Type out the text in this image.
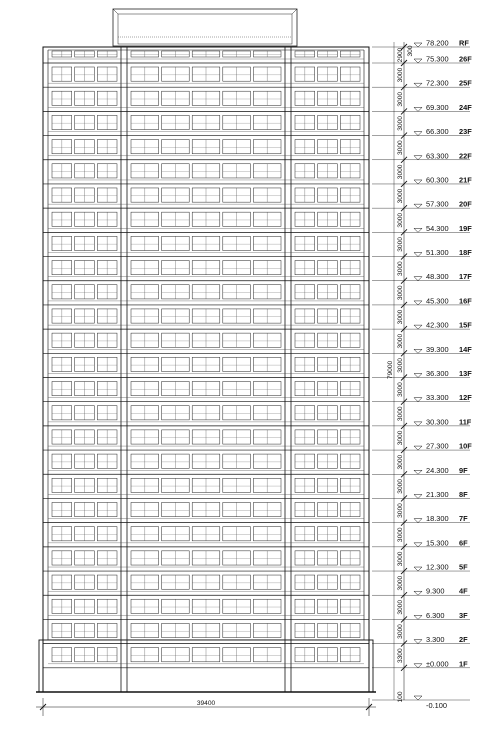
78.200 RF
75.300 26F
72.300 25F
69.300 24F
66.300 23F
63.300 22F
60.300 21F
57.300 20F
54.300 19F
51.300 18F
48.300 17F
45.300 16F
42.300 15F
39.300 14F
36.300 13F
33.300 12F
30.300 11F
27.300 10F
24.300 9F
21.300 8F
18.300 7F
15.300 6F
12.300 5F
9.300 4F
6.300 3F
3.300 2F
±0.000 1F
-0.100
2900
3000
3000
3000
3000
3000
3000
3000
3000
3000
3000
3000
3000
3000
3000
3000
3000
3000
3000
3000
3000
3000
3000
3000
3000
3300
300
100
79000
39400
